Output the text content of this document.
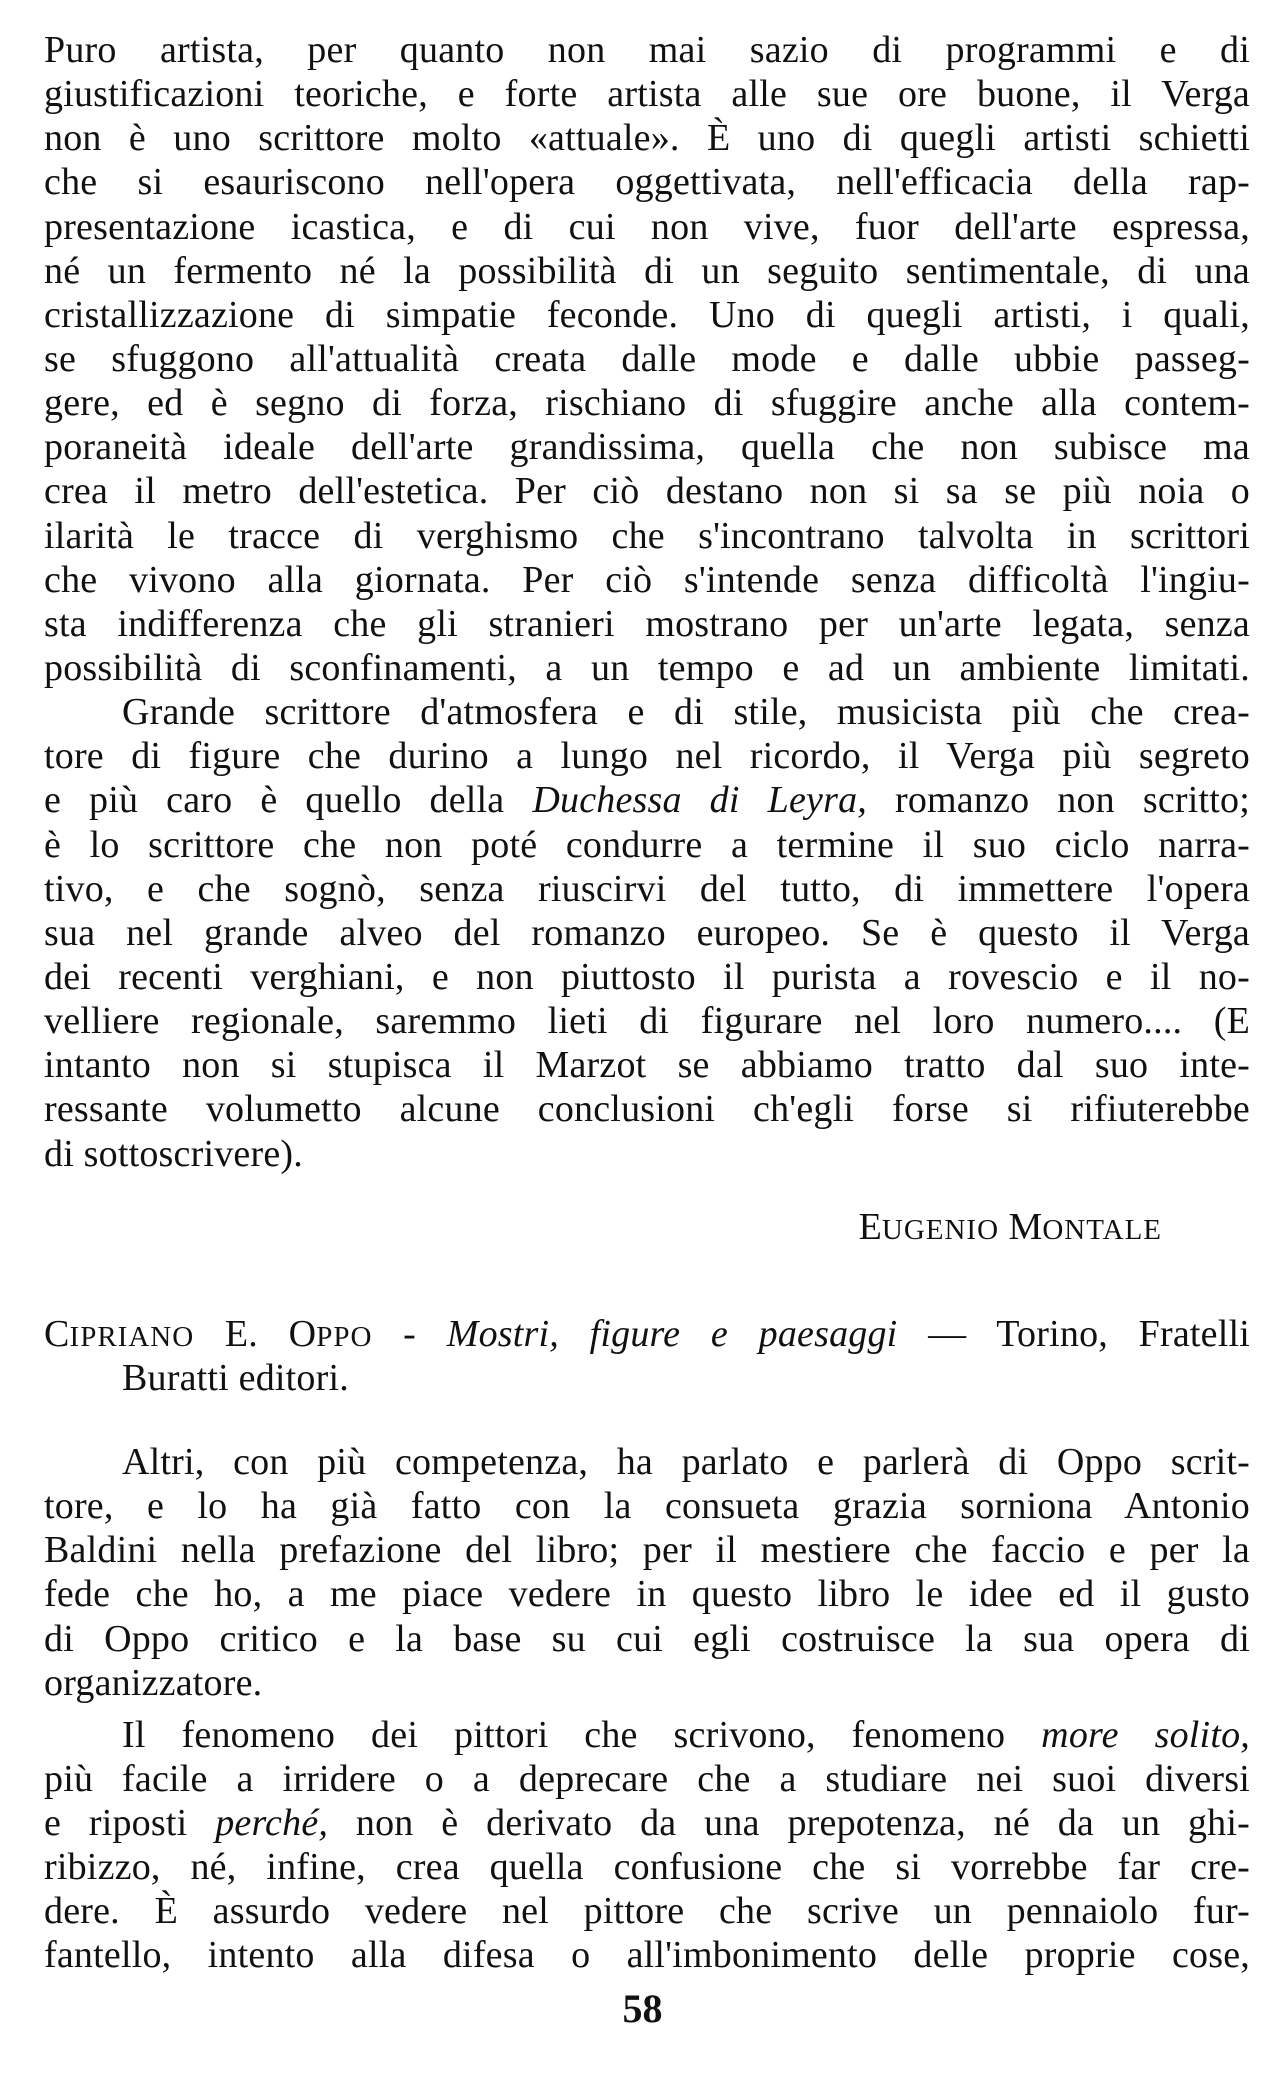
Puro artista, per quanto non mai sazio di programmi e di
giustificazioni teoriche, e forte artista alle sue ore buone, il Verga
non è uno scrittore molto «attuale». È uno di quegli artisti schietti
che si esauriscono nell'opera oggettivata, nell'efficacia della rap-
presentazione icastica, e di cui non vive, fuor dell'arte espressa,
né un fermento né la possibilità di un seguito sentimentale, di una
cristallizzazione di simpatie feconde. Uno di quegli artisti, i quali,
se sfuggono all'attualità creata dalle mode e dalle ubbie passeg-
gere, ed è segno di forza, rischiano di sfuggire anche alla contem-
poraneità ideale dell'arte grandissima, quella che non subisce ma
crea il metro dell'estetica. Per ciò destano non si sa se più noia o
ilarità le tracce di verghismo che s'incontrano talvolta in scrittori
che vivono alla giornata. Per ciò s'intende senza difficoltà l'ingiu-
sta indifferenza che gli stranieri mostrano per un'arte legata, senza
possibilità di sconfinamenti, a un tempo e ad un ambiente limitati.
Grande scrittore d'atmosfera e di stile, musicista più che crea-
tore di figure che durino a lungo nel ricordo, il Verga più segreto
e più caro è quello della Duchessa di Leyra, romanzo non scritto;
è lo scrittore che non poté condurre a termine il suo ciclo narra-
tivo, e che sognò, senza riuscirvi del tutto, di immettere l'opera
sua nel grande alveo del romanzo europeo. Se è questo il Verga
dei recenti verghiani, e non piuttosto il purista a rovescio e il no-
velliere regionale, saremmo lieti di figurare nel loro numero.... (E
intanto non si stupisca il Marzot se abbiamo tratto dal suo inte-
ressante volumetto alcune conclusioni ch'egli forse si rifiuterebbe
di sottoscrivere).
EUGENIO MONTALE
CIPRIANO E. OPPO - Mostri, figure e paesaggi — Torino, Fratelli
Buratti editori.
Altri, con più competenza, ha parlato e parlerà di Oppo scrit-
tore, e lo ha già fatto con la consueta grazia sorniona Antonio
Baldini nella prefazione del libro; per il mestiere che faccio e per la
fede che ho, a me piace vedere in questo libro le idee ed il gusto
di Oppo critico e la base su cui egli costruisce la sua opera di
organizzatore.
Il fenomeno dei pittori che scrivono, fenomeno more solito,
più facile a irridere o a deprecare che a studiare nei suoi diversi
e riposti perché, non è derivato da una prepotenza, né da un ghi-
ribizzo, né, infine, crea quella confusione che si vorrebbe far cre-
dere. È assurdo vedere nel pittore che scrive un pennaiolo fur-
fantello, intento alla difesa o all'imbonimento delle proprie cose,
58
